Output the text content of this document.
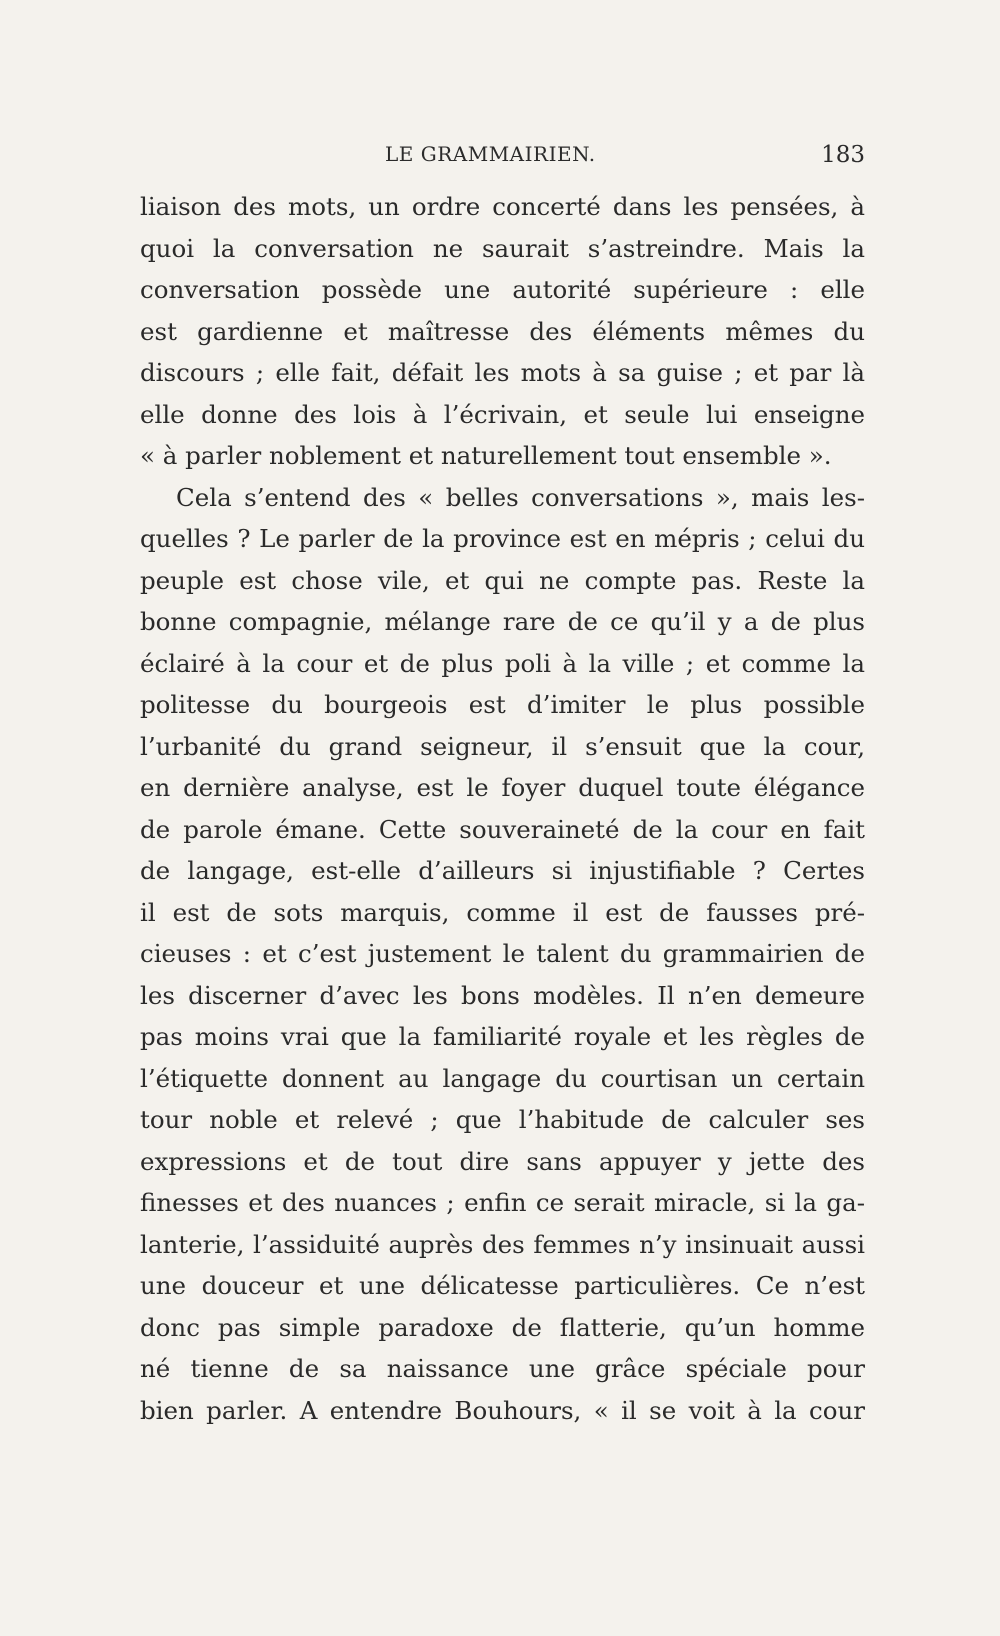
LE GRAMMAIRIEN.	183
liaison des mots, un ordre concerté dans les pensées, à
quoi la conversation ne saurait s’astreindre. Mais la
conversation possède une autorité supérieure : elle
est gardienne et maîtresse des éléments mêmes du
discours ; elle fait, défait les mots à sa guise ; et par là
elle donne des lois à l’écrivain, et seule lui enseigne
« à parler noblement et naturellement tout ensemble ».
Cela s’entend des « belles conversations », mais les-
quelles ? Le parler de la province est en mépris ; celui du
peuple est chose vile, et qui ne compte pas. Reste la
bonne compagnie, mélange rare de ce qu’il y a de plus
éclairé à la cour et de plus poli à la ville ; et comme la
politesse du bourgeois est d’imiter le plus possible
l’urbanité du grand seigneur, il s’ensuit que la cour,
en dernière analyse, est le foyer duquel toute élégance
de parole émane. Cette souveraineté de la cour en fait
de langage, est-elle d’ailleurs si injustifiable ? Certes
il est de sots marquis, comme il est de fausses pré-
cieuses : et c’est justement le talent du grammairien de
les discerner d’avec les bons modèles. Il n’en demeure
pas moins vrai que la familiarité royale et les règles de
l’étiquette donnent au langage du courtisan un certain
tour noble et relevé ; que l’habitude de calculer ses
expressions et de tout dire sans appuyer y jette des
finesses et des nuances ; enfin ce serait miracle, si la ga-
lanterie, l’assiduité auprès des femmes n’y insinuait aussi
une douceur et une délicatesse particulières. Ce n’est
donc pas simple paradoxe de flatterie, qu’un homme
né tienne de sa naissance une grâce spéciale pour
bien parler. A entendre Bouhours, « il se voit à la cour
